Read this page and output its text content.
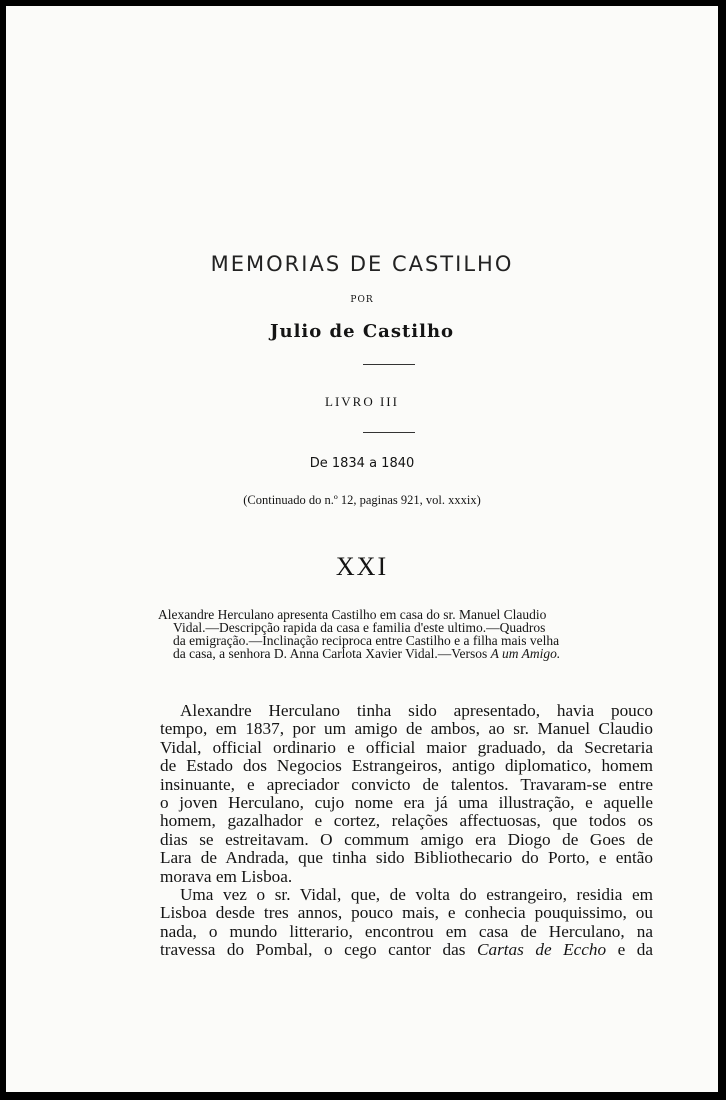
MEMORIAS DE CASTILHO
POR
Julio de Castilho
LIVRO III
De 1834 a 1840
(Continuado do n.º 12, paginas 921, vol. xxxix)
XXI
Alexandre Herculano apresenta Castilho em casa do sr. Manuel Claudio
Vidal.—Descripção rapida da casa e familia d'este ultimo.—Quadros
da emigração.—Inclinação reciproca entre Castilho e a filha mais velha
da casa, a senhora D. Anna Carlota Xavier Vidal.—Versos A um Amigo.
Alexandre Herculano tinha sido apresentado, havia pouco
tempo, em 1837, por um amigo de ambos, ao sr. Manuel Claudio
Vidal, official ordinario e official maior graduado, da Secretaria
de Estado dos Negocios Estrangeiros, antigo diplomatico, homem
insinuante, e apreciador convicto de talentos. Travaram-se entre
o joven Herculano, cujo nome era já uma illustração, e aquelle
homem, gazalhador e cortez, relações affectuosas, que todos os
dias se estreitavam. O commum amigo era Diogo de Goes de
Lara de Andrada, que tinha sido Bibliothecario do Porto, e então
morava em Lisboa.
Uma vez o sr. Vidal, que, de volta do estrangeiro, residia em
Lisboa desde tres annos, pouco mais, e conhecia pouquissimo, ou
nada, o mundo litterario, encontrou em casa de Herculano, na
travessa do Pombal, o cego cantor das Cartas de Eccho e da
